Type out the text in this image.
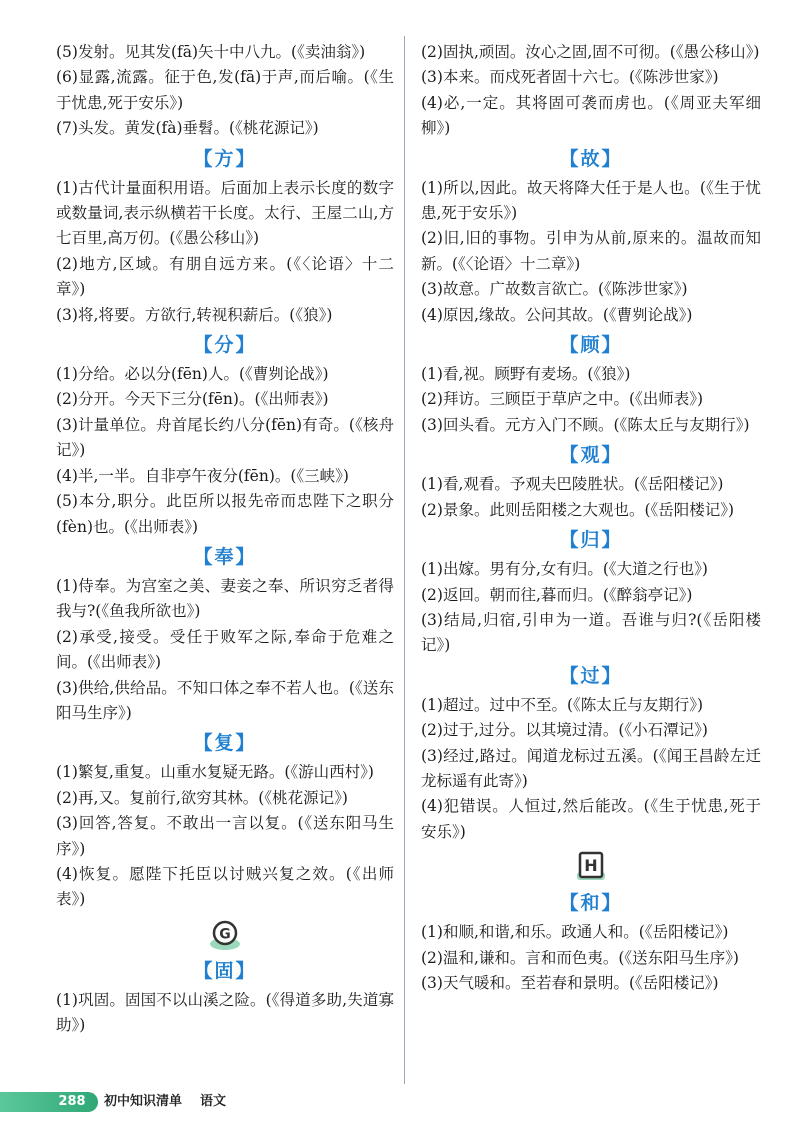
(5)发射。见其发(fā)矢十中八九。(《卖油翁》)

(6)显露,流露。征于色,发(fā)于声,而后喻。(《生于忧患,死于安乐》)

(7)头发。黄发(fà)垂髫。(《桃花源记》)

【方】

(1)古代计量面积用语。后面加上表示长度的数字或数量词,表示纵横若干长度。太行、王屋二山,方七百里,高万仞。(《愚公移山》)

(2)地方,区域。有朋自远方来。(《〈论语〉十二章》)

(3)将,将要。方欲行,转视积薪后。(《狼》)

【分】

(1)分给。必以分(fēn)人。(《曹刿论战》)

(2)分开。今天下三分(fēn)。(《出师表》)

(3)计量单位。舟首尾长约八分(fēn)有奇。(《核舟记》)

(4)半,一半。自非亭午夜分(fēn)。(《三峡》)

(5)本分,职分。此臣所以报先帝而忠陛下之职分(fèn)也。(《出师表》)

【奉】

(1)侍奉。为宫室之美、妻妾之奉、所识穷乏者得我与?(《鱼我所欲也》)

(2)承受,接受。受任于败军之际,奉命于危难之间。(《出师表》)

(3)供给,供给品。不知口体之奉不若人也。(《送东阳马生序》)

【复】

(1)繁复,重复。山重水复疑无路。(《游山西村》)

(2)再,又。复前行,欲穷其林。(《桃花源记》)

(3)回答,答复。不敢出一言以复。(《送东阳马生序》)

(4)恢复。愿陛下托臣以讨贼兴复之效。(《出师表》)

G
【固】

(1)巩固。固国不以山溪之险。(《得道多助,失道寡助》)

(2)固执,顽固。汝心之固,固不可彻。(《愚公移山》)

(3)本来。而戍死者固十六七。(《陈涉世家》)

(4)必,一定。其将固可袭而虏也。(《周亚夫军细柳》)

【故】

(1)所以,因此。故天将降大任于是人也。(《生于忧患,死于安乐》)

(2)旧,旧的事物。引申为从前,原来的。温故而知新。(《〈论语〉十二章》)

(3)故意。广故数言欲亡。(《陈涉世家》)

(4)原因,缘故。公问其故。(《曹刿论战》)

【顾】

(1)看,视。顾野有麦场。(《狼》)

(2)拜访。三顾臣于草庐之中。(《出师表》)

(3)回头看。元方入门不顾。(《陈太丘与友期行》)

【观】

(1)看,观看。予观夫巴陵胜状。(《岳阳楼记》)

(2)景象。此则岳阳楼之大观也。(《岳阳楼记》)

【归】

(1)出嫁。男有分,女有归。(《大道之行也》)

(2)返回。朝而往,暮而归。(《醉翁亭记》)

(3)结局,归宿,引申为一道。吾谁与归?(《岳阳楼记》)

【过】

(1)超过。过中不至。(《陈太丘与友期行》)

(2)过于,过分。以其境过清。(《小石潭记》)

(3)经过,路过。闻道龙标过五溪。(《闻王昌龄左迁龙标遥有此寄》)

(4)犯错误。人恒过,然后能改。(《生于忧患,死于安乐》)

H
【和】

(1)和顺,和谐,和乐。政通人和。(《岳阳楼记》)

(2)温和,谦和。言和而色夷。(《送东阳马生序》)

(3)天气暖和。至若春和景明。(《岳阳楼记》)

288	初中知识清单 语文
